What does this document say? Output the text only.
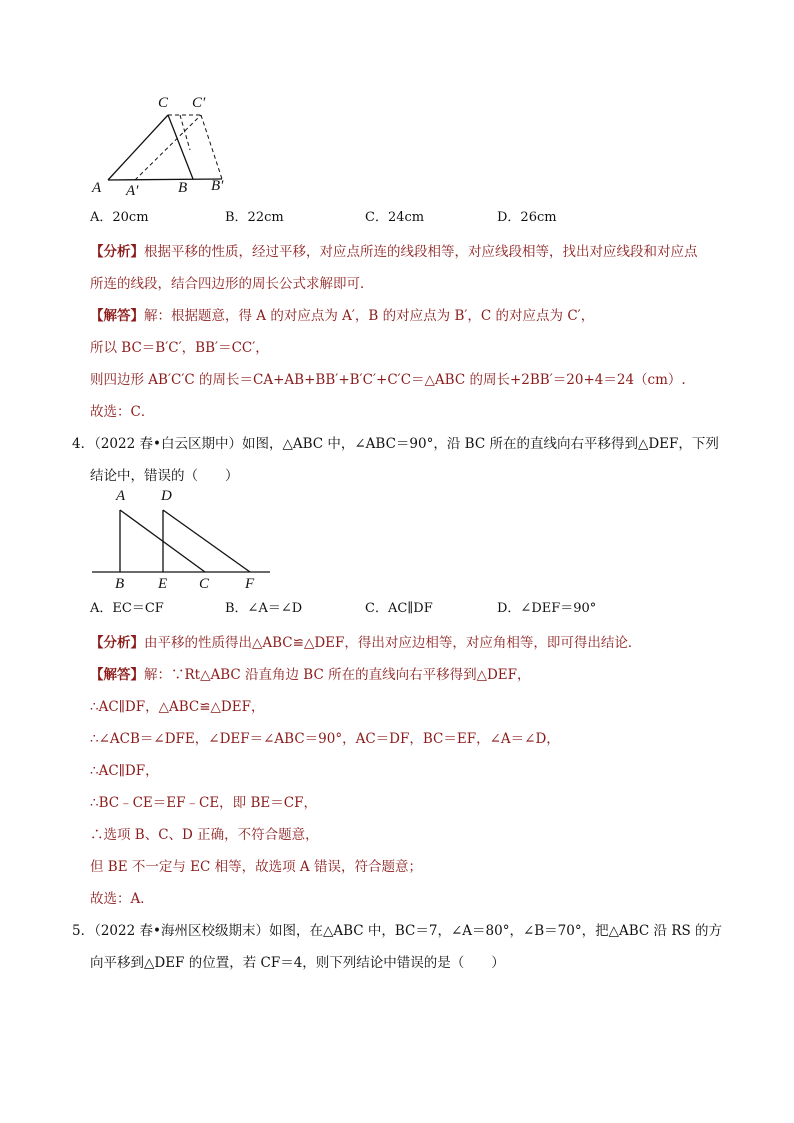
C C′
A A′	B B′
A．20cm	B．22cm	C．24cm	D．26cm
【分析】根据平移的性质，经过平移，对应点所连的线段相等，对应线段相等，找出对应线段和对应点
所连的线段，结合四边形的周长公式求解即可．
【解答】解：根据题意，得 A 的对应点为 A′，B 的对应点为 B′，C 的对应点为 C′，
所以 BC＝B′C′，BB′＝CC′，
则四边形 AB′C′C 的周长＝CA+AB+BB′+B′C′+C′C＝△ABC 的周长+2BB′＝20+4＝24（cm）.
故选：C．
4．（2022 春•白云区期中）如图，△ABC 中，∠ABC＝90°，沿 BC 所在的直线向右平移得到△DEF，下列
结论中，错误的（　　）
A D
B E C F
A．EC＝CF	B．∠A＝∠D	C．AC∥DF	D．∠DEF＝90°
【分析】由平移的性质得出△ABC≌△DEF，得出对应边相等，对应角相等，即可得出结论．
【解答】解：∵Rt△ABC 沿直角边 BC 所在的直线向右平移得到△DEF，
∴AC∥DF，△ABC≌△DEF，
∴∠ACB＝∠DFE，∠DEF＝∠ABC＝90°，AC＝DF，BC＝EF，∠A＝∠D，
∴AC∥DF，
∴BC﹣CE＝EF﹣CE，即 BE＝CF，
∴选项 B、C、D 正确，不符合题意，
但 BE 不一定与 EC 相等，故选项 A 错误，符合题意；
故选：A．
5．（2022 春•海州区校级期末）如图，在△ABC 中，BC＝7，∠A＝80°，∠B＝70°，把△ABC 沿 RS 的方
向平移到△DEF 的位置，若 CF＝4，则下列结论中错误的是（　　）
